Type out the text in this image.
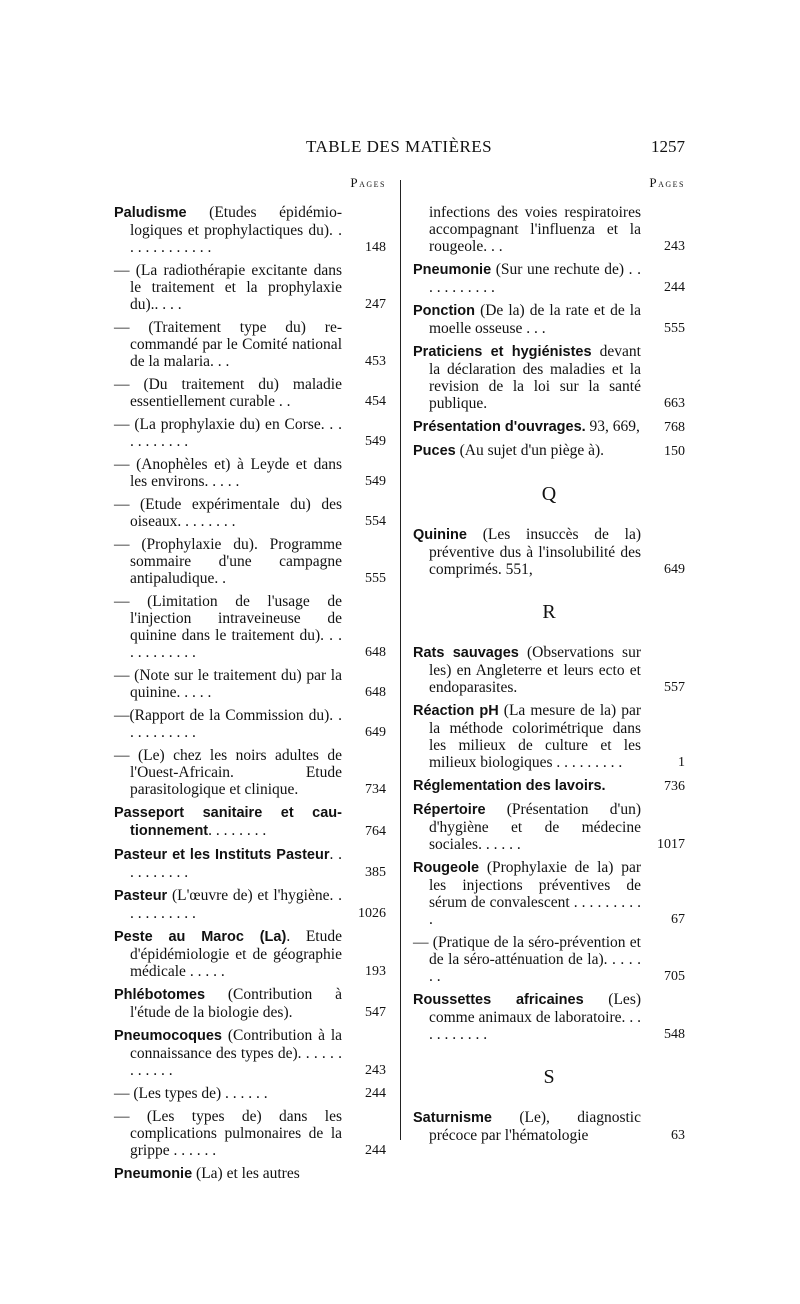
TABLE DES MATIÈRES	1257
Pages
Paludisme (Etudes épidémiologiques et prophylactiques du). . . . . . . . . . . . .	148
— (La radiothérapie excitante dans le traitement et la prophylaxie du).. . . .	247
— (Traitement type du) recommandé par le Comité national de la malaria. . .	453
— (Du traitement du) maladie essentiellement curable . .	454
— (La prophylaxie du) en Corse. . . . . . . . . . .	549
— (Anophèles et) à Leyde et dans les environs. . . . .	549
— (Etude expérimentale du) des oiseaux. . . . . . . .	554
— (Prophylaxie du). Programme sommaire d'une campagne antipaludique. .	555
— (Limitation de l'usage de l'injection intraveineuse de quinine dans le traitement du). . . . . . . . . . . .	648
— (Note sur le traitement du) par la quinine. . . . .	648
—(Rapport de la Commission du). . . . . . . . . . .	649
— (Le) chez les noirs adultes de l'Ouest-Africain. Etude parasitologique et clinique.	734
Passeport sanitaire et cautionnement. . . . . . . .	764
Pasteur et les Instituts Pasteur. . . . . . . . . .	385
Pasteur (L'œuvre de) et l'hygiène. . . . . . . . . . .	1026
Peste au Maroc (La). Etude d'épidémiologie et de géographie médicale . . . . .	193
Phlébotomes (Contribution à l'étude de la biologie des).	547
Pneumocoques (Contribution à la connaissance des types de). . . . . . . . . . . .	243
— (Les types de) . . . . . .	244
— (Les types de) dans les complications pulmonaires de la grippe . . . . . .	244
Pneumonie (La) et les autres
Pages
infections des voies respiratoires accompagnant l'influenza et la rougeole. . .	243
Pneumonie (Sur une rechute de) . . . . . . . . . . .	244
Ponction (De la) de la rate et de la moelle osseuse . . .	555
Praticiens et hygiénistes devant la déclaration des maladies et la revision de la loi sur la santé publique.	663
Présentation d'ouvrages. 93, 669,	768
Puces (Au sujet d'un piège à).	150
Q
Quinine (Les insuccès de la) préventive dus à l'insolubilité des comprimés. 551,	649
R
Rats sauvages (Observations sur les) en Angleterre et leurs ecto et endoparasites.	557
Réaction pH (La mesure de la) par la méthode colorimétrique dans les milieux de culture et les milieux biologiques . . . . . . . . .	1
Réglementation des lavoirs.	736
Répertoire (Présentation d'un) d'hygiène et de médecine sociales. . . . . .	1017
Rougeole (Prophylaxie de la) par les injections préventives de sérum de convalescent . . . . . . . . . .	67
— (Pratique de la séro-prévention et de la séro-atténuation de la). . . . . . .	705
Roussettes africaines (Les) comme animaux de laboratoire. . . . . . . . . . .	548
S
Saturnisme (Le), diagnostic précoce par l'hématologie	63
